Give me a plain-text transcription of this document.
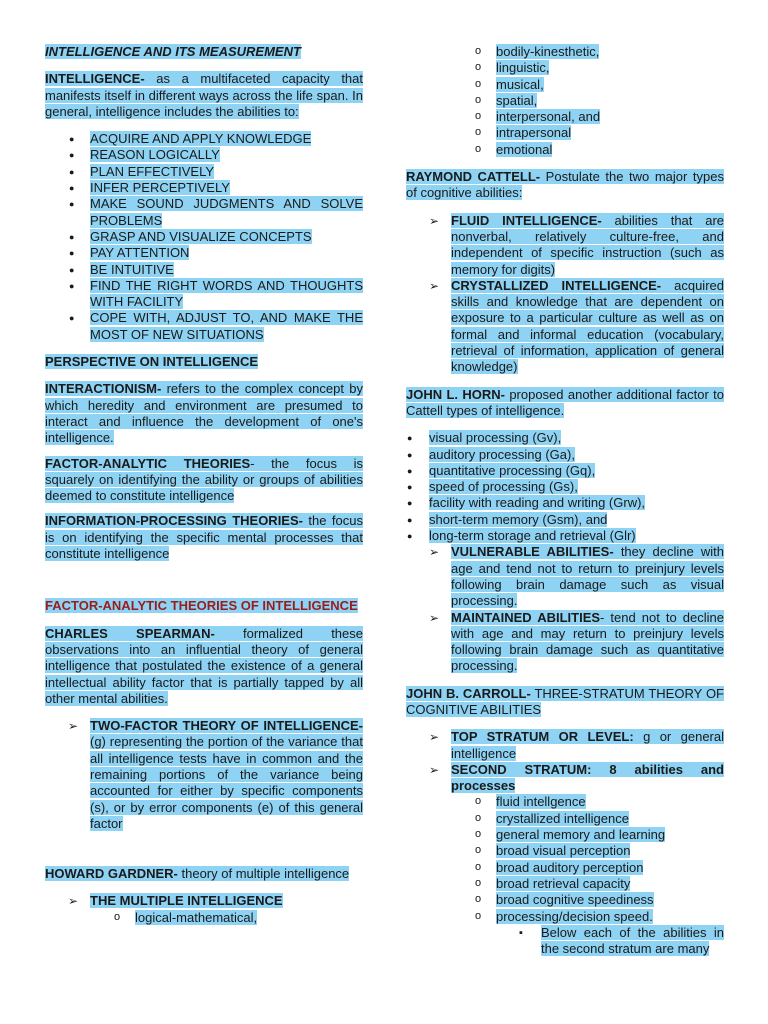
INTELLIGENCE AND ITS MEASUREMENT

INTELLIGENCE- as a multifaceted capacity that manifests itself in different ways across the life span. In general, intelligence includes the abilities to:

● ACQUIRE AND APPLY KNOWLEDGE
● REASON LOGICALLY
● PLAN EFFECTIVELY
● INFER PERCEPTIVELY
● MAKE SOUND JUDGMENTS AND SOLVE PROBLEMS
● GRASP AND VISUALIZE CONCEPTS
● PAY ATTENTION
● BE INTUITIVE
● FIND THE RIGHT WORDS AND THOUGHTS WITH FACILITY
● COPE WITH, ADJUST TO, AND MAKE THE MOST OF NEW SITUATIONS

PERSPECTIVE ON INTELLIGENCE

INTERACTIONISM- refers to the complex concept by which heredity and environment are presumed to interact and influence the development of one's intelligence.

FACTOR-ANALYTIC THEORIES- the focus is squarely on identifying the ability or groups of abilities deemed to constitute intelligence

INFORMATION-PROCESSING THEORIES- the focus is on identifying the specific mental processes that constitute intelligence

FACTOR-ANALYTIC THEORIES OF INTELLIGENCE

CHARLES SPEARMAN- formalized these observations into an influential theory of general intelligence that postulated the existence of a general intellectual ability factor that is partially tapped by all other mental abilities.

➢ TWO-FACTOR THEORY OF INTELLIGENCE- (g) representing the portion of the variance that all intelligence tests have in common and the remaining portions of the variance being accounted for either by specific components (s), or by error components (e) of this general factor

HOWARD GARDNER- theory of multiple intelligence

➢ THE MULTIPLE INTELLIGENCE
o logical-mathematical,
o bodily-kinesthetic,
o linguistic,
o musical,
o spatial,
o interpersonal, and
o intrapersonal
o emotional

RAYMOND CATTELL- Postulate the two major types of cognitive abilities:

➢ FLUID INTELLIGENCE- abilities that are nonverbal, relatively culture-free, and independent of specific instruction (such as memory for digits)
➢ CRYSTALLIZED INTELLIGENCE- acquired skills and knowledge that are dependent on exposure to a particular culture as well as on formal and informal education (vocabulary, retrieval of information, application of general knowledge)

JOHN L. HORN- proposed another additional factor to Cattell types of intelligence.

● visual processing (Gv),
● auditory processing (Ga),
● quantitative processing (Gq),
● speed of processing (Gs),
● facility with reading and writing (Grw),
● short-term memory (Gsm), and
● long-term storage and retrieval (Glr)
➢ VULNERABLE ABILITIES- they decline with age and tend not to return to preinjury levels following brain damage such as visual processing.
➢ MAINTAINED ABILITIES- tend not to decline with age and may return to preinjury levels following brain damage such as quantitative processing.

JOHN B. CARROLL- THREE-STRATUM THEORY OF COGNITIVE ABILITIES

➢ TOP STRATUM OR LEVEL: g or general intelligence
➢ SECOND STRATUM: 8 abilities and processes
o fluid intellgence
o crystallized intelligence
o general memory and learning
o broad visual perception
o broad auditory perception
o broad retrieval capacity
o broad cognitive speediness
o processing/decision speed.
▪ Below each of the abilities in the second stratum are many
